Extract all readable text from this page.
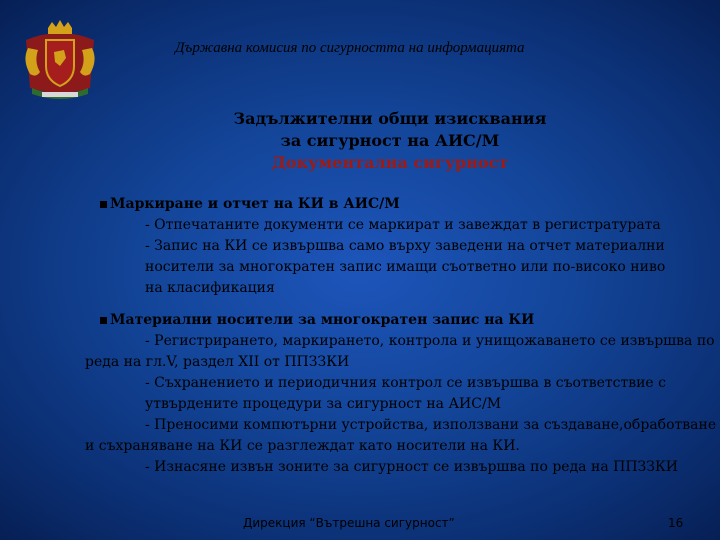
Държавна комисия по сигурността на информацията
Задължителни общи изисквания
за сигурност на АИС/М
Документална сигурност
Маркиране и отчет на КИ в АИС/М
- Отпечатаните документи се маркират и завеждат в регистратурата
- Запис на КИ се извършва само върху заведени на отчет материални
носители за многократен запис имащи съответно или по-високо ниво
на класификация
Материални носители за многократен запис на КИ
- Регистрирането, маркирането, контрола и унищожаването се извършва по
реда на гл.V, раздел XII от ППЗЗКИ
- Съхранението и периодичния контрол се извършва в съответствие с
утвърдените процедури за сигурност на АИС/М
- Преносими компютърни устройства, използвани за създаване, обработване
и съхраняване на КИ се разглеждат като носители на КИ.
- Изнасяне извън зоните за сигурност се извършва по реда на ППЗЗКИ
Дирекция “Вътрешна сигурност”	16
